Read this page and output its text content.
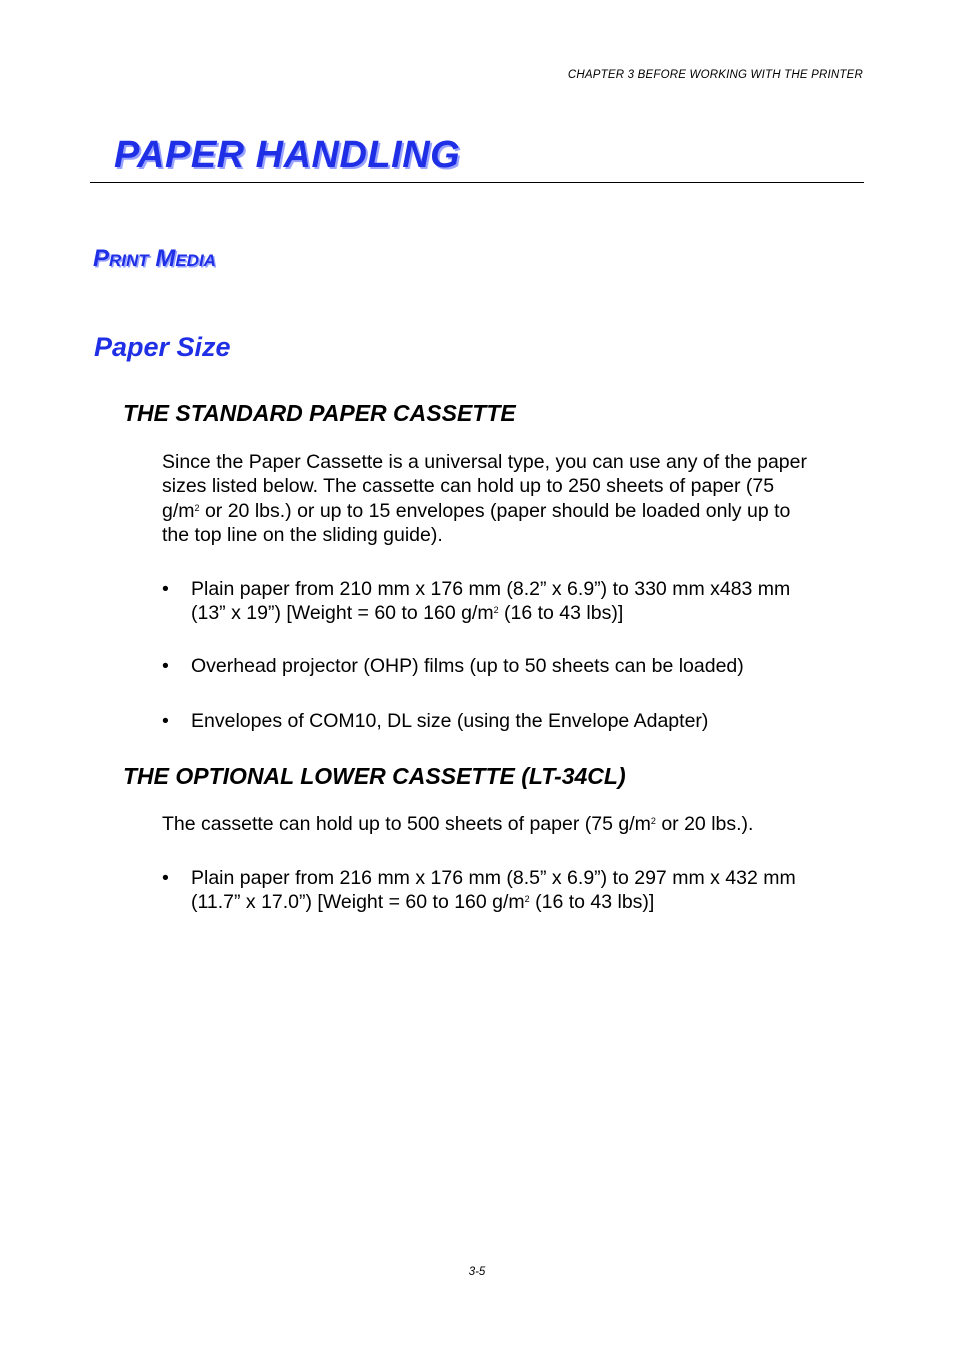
CHAPTER 3 BEFORE WORKING WITH THE PRINTER
PAPER HANDLING
Print Media
Paper Size
THE STANDARD PAPER CASSETTE

Since the Paper Cassette is a universal type, you can use any of the paper
sizes listed below. The cassette can hold up to 250 sheets of paper (75
$g/m^2$ or 20 lbs.) or up to 15 envelopes (paper should be loaded only up to
the top line on the sliding guide).

•	Plain paper from 210 mm x 176 mm (8.2” x 6.9”) to 330 mm x483 mm
(13” x 19”) [Weight = 60 to 160 $g/m^2$ (16 to 43 lbs)]
•	Overhead projector (OHP) films (up to 50 sheets can be loaded)
•	Envelopes of COM10, DL size (using the Envelope Adapter)
THE OPTIONAL LOWER CASSETTE (LT-34CL)

The cassette can hold up to 500 sheets of paper (75 $g/m^2$ or 20 lbs.).

•	Plain paper from 216 mm x 176 mm (8.5” x 6.9”) to 297 mm x 432 mm
(11.7” x 17.0”) [Weight = 60 to 160 $g/m^2$ (16 to 43 lbs)]
3-5
